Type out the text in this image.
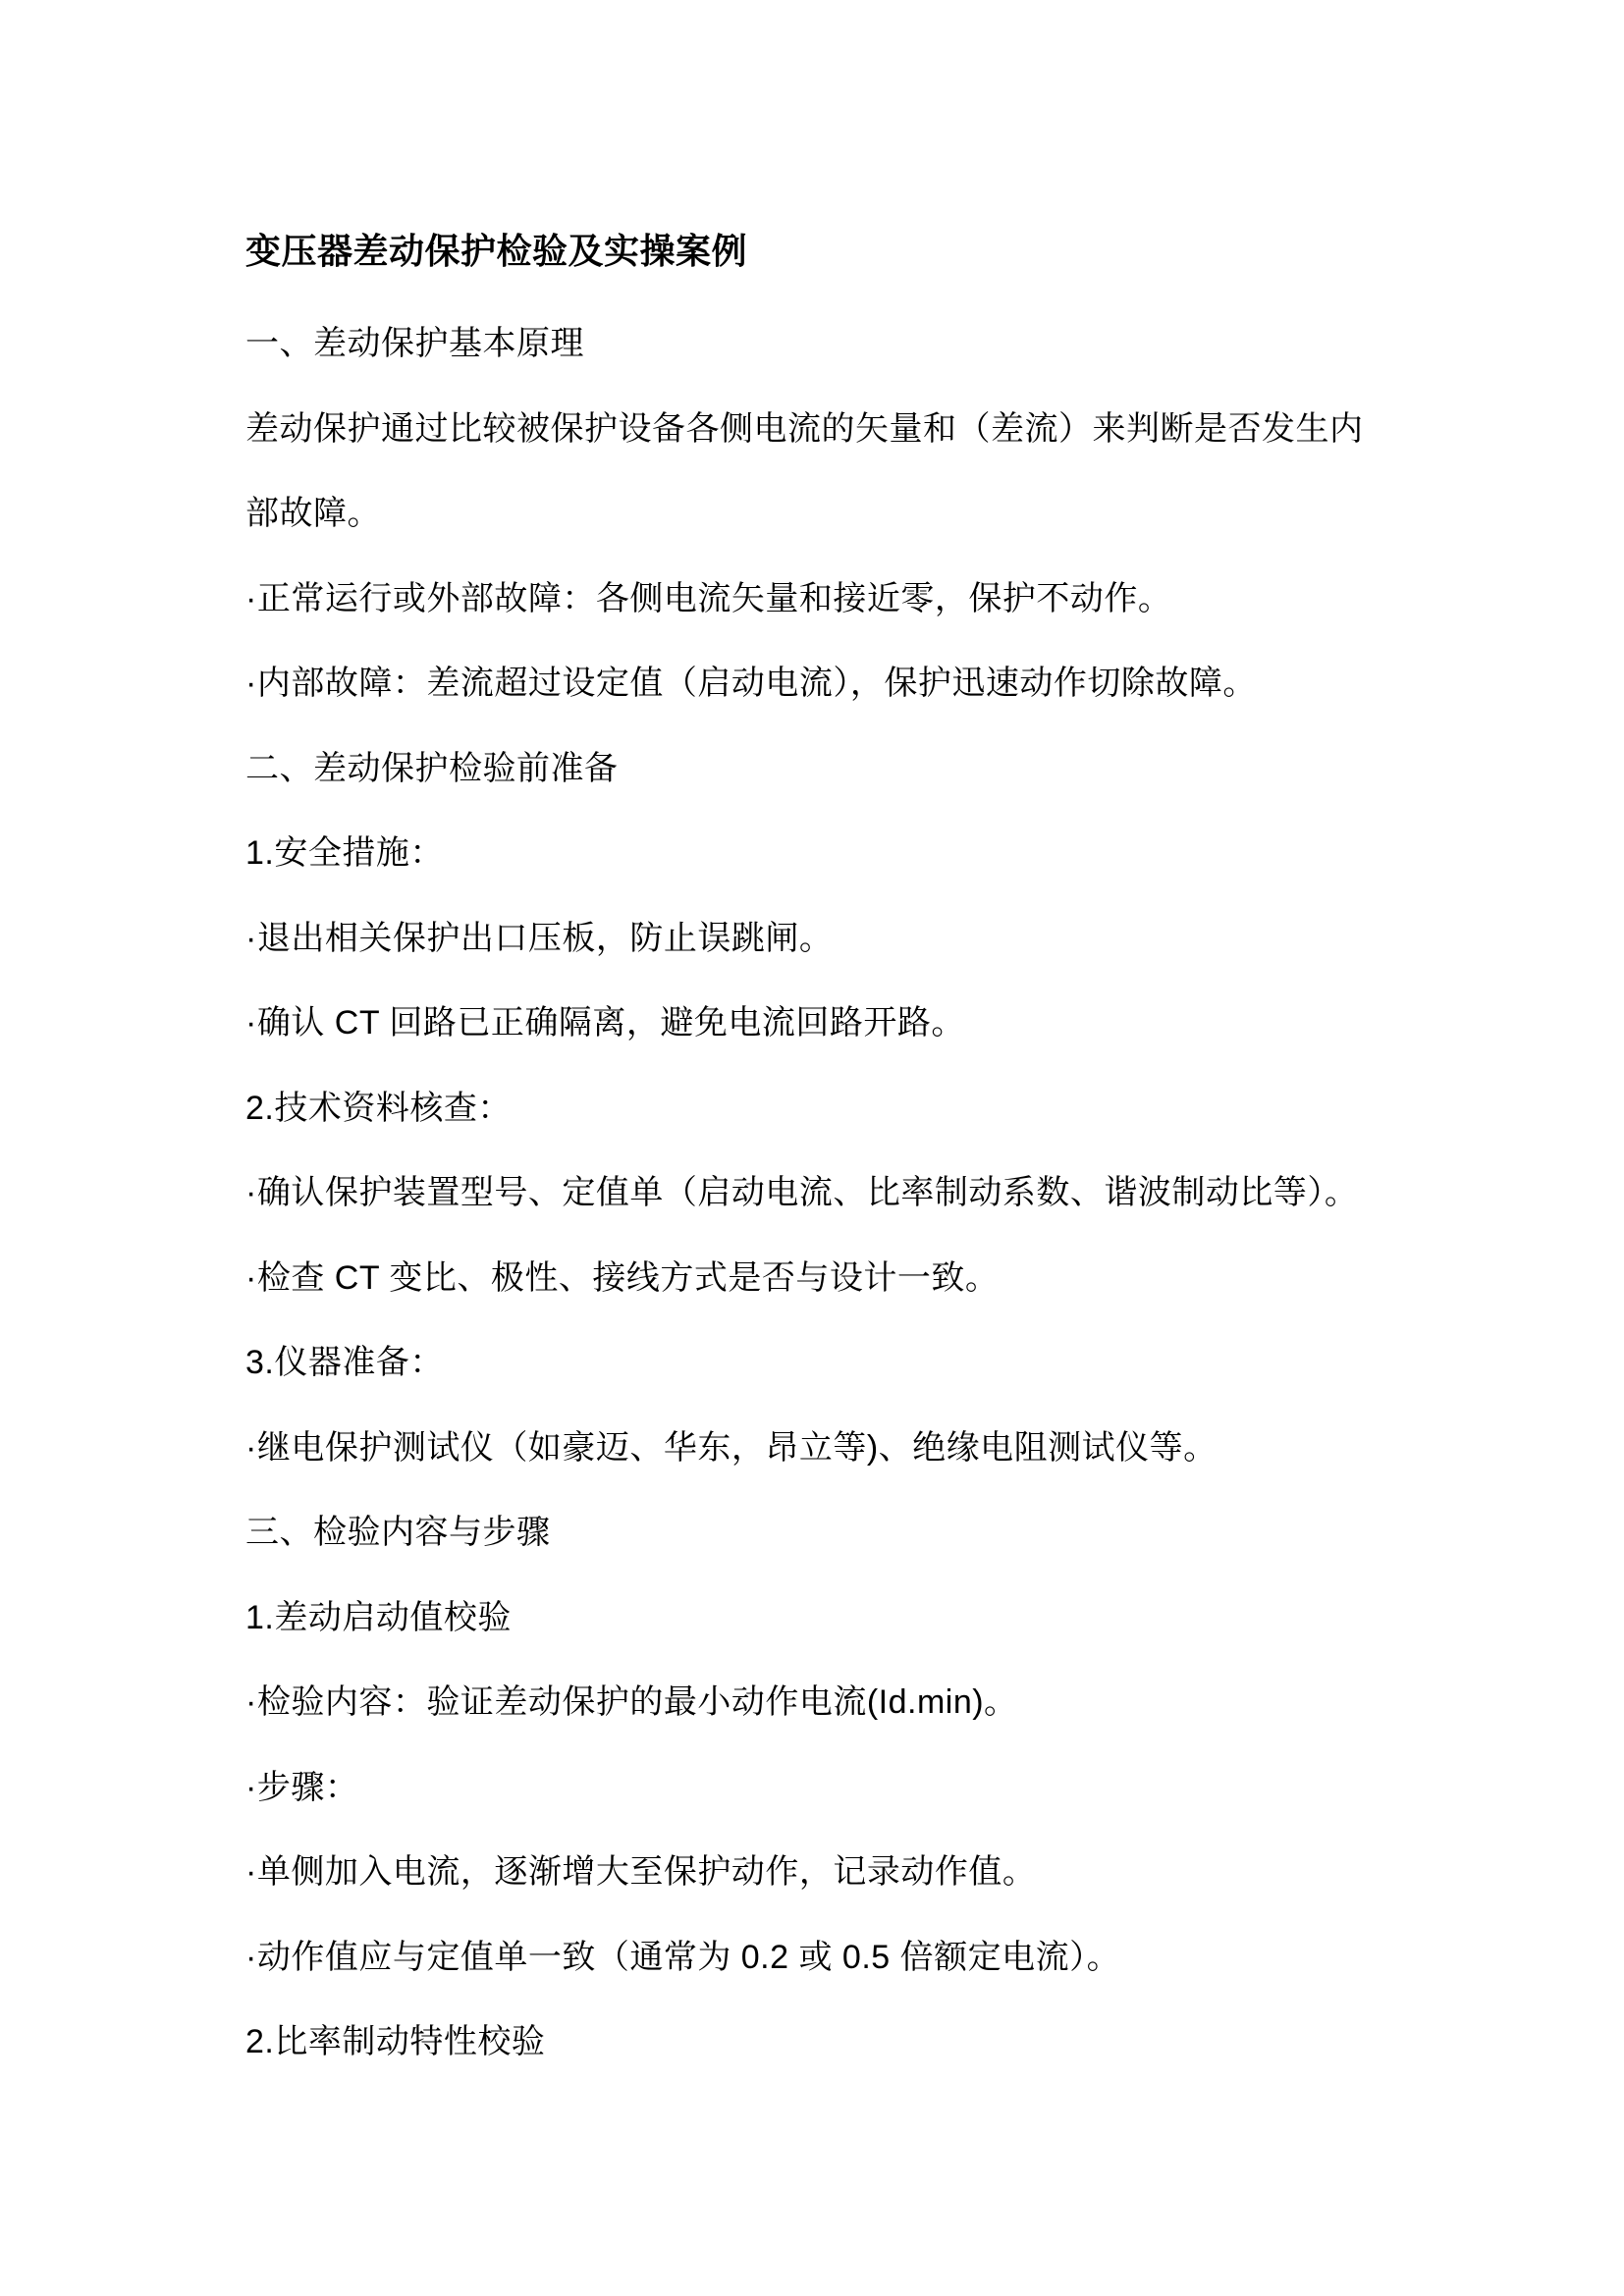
变压器差动保护检验及实操案例
一、差动保护基本原理
差动保护通过比较被保护设备各侧电流的矢量和（差流）来判断是否发生内
部故障。
·正常运行或外部故障：各侧电流矢量和接近零，保护不动作。
·内部故障：差流超过设定值（启动电流），保护迅速动作切除故障。
二、差动保护检验前准备
1.安全措施：
·退出相关保护出口压板，防止误跳闸。
·确认 CT 回路已正确隔离，避免电流回路开路。
2.技术资料核查：
·确认保护装置型号、定值单（启动电流、比率制动系数、谐波制动比等）。
·检查 CT 变比、极性、接线方式是否与设计一致。
3.仪器准备：
·继电保护测试仪（如豪迈、华东，昂立等)、绝缘电阻测试仪等。
三、检验内容与步骤
1.差动启动值校验
·检验内容：验证差动保护的最小动作电流(Id.min)。
·步骤：
·单侧加入电流，逐渐增大至保护动作，记录动作值。
·动作值应与定值单一致（通常为 0.2 或 0.5 倍额定电流）。
2.比率制动特性校验
